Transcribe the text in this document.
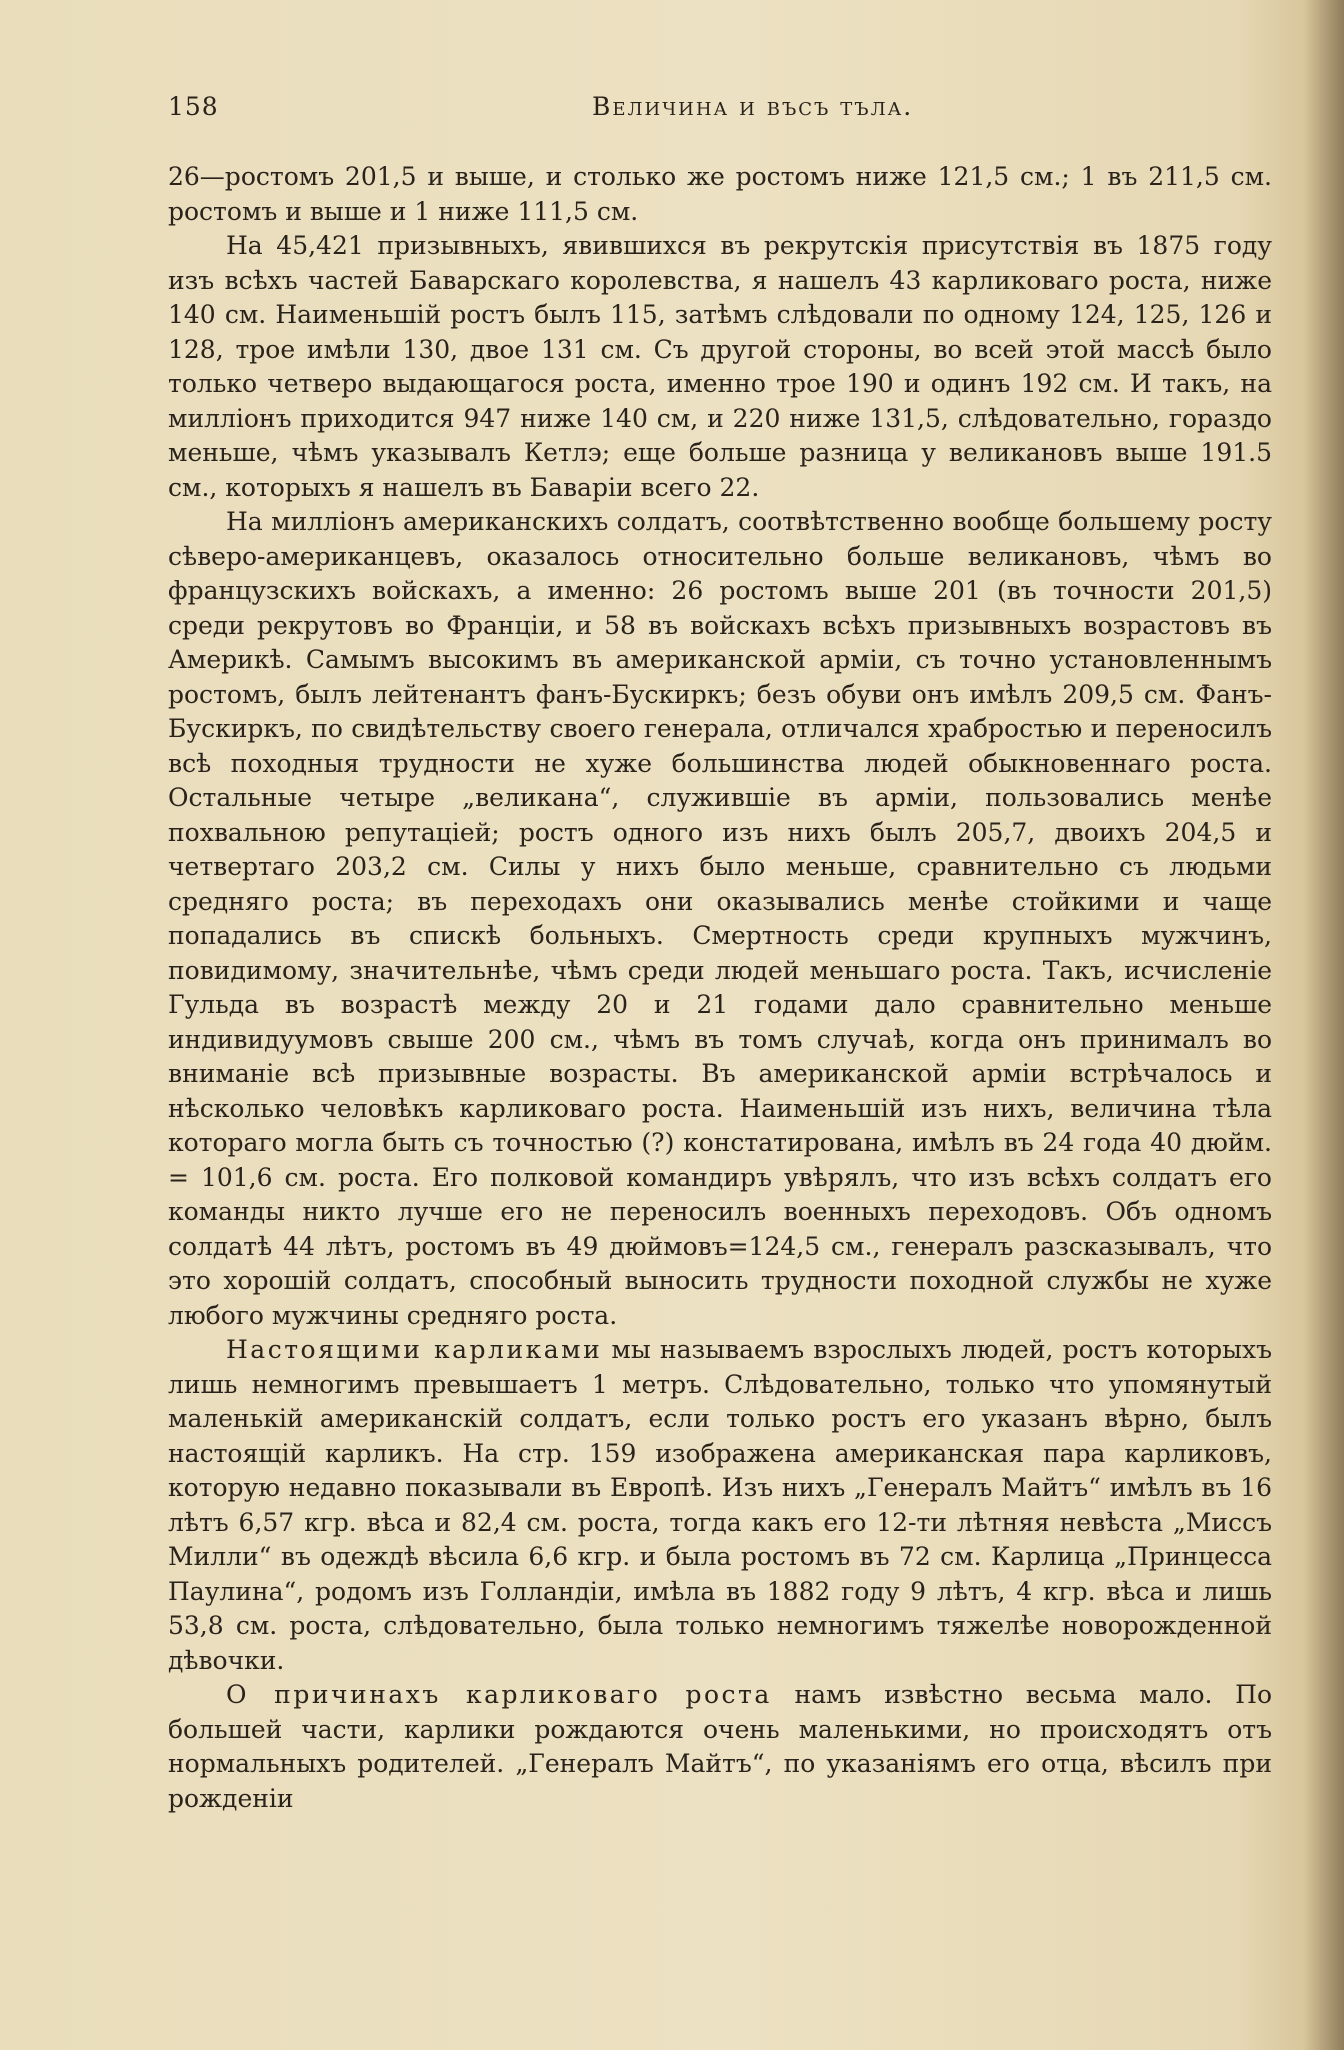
158	Величина и въсъ тъла.

26—ростомъ 201,5 и выше, и столько же ростомъ ниже 121,5 см.; 1 въ 211,5 см. ростомъ и выше и 1 ниже 111,5 см.

На 45,421 призывныхъ, явившихся въ рекрутскія присутствія въ 1875 году изъ всѣхъ частей Баварскаго королевства, я нашелъ 43 карликоваго роста, ниже 140 см. Наименьшій ростъ былъ 115, затѣмъ слѣдовали по одному 124, 125, 126 и 128, трое имѣли 130, двое 131 см. Съ другой стороны, во всей этой массѣ было только четверо выдающагося роста, именно трое 190 и одинъ 192 см. И такъ, на милліонъ приходится 947 ниже 140 см, и 220 ниже 131,5, слѣдовательно, гораздо меньше, чѣмъ указывалъ Кетлэ; еще больше разница у великановъ выше 191.5 см., которыхъ я нашелъ въ Баваріи всего 22.

На милліонъ американскихъ солдатъ, соотвѣтственно вообще большему росту сѣверо-американцевъ, оказалось относительно больше великановъ, чѣмъ во французскихъ войскахъ, а именно: 26 ростомъ выше 201 (въ точности 201,5) среди рекрутовъ во Франціи, и 58 въ войскахъ всѣхъ призывныхъ возрастовъ въ Америкѣ. Самымъ высокимъ въ американской арміи, съ точно установленнымъ ростомъ, былъ лейтенантъ фанъ-Бускиркъ; безъ обуви онъ имѣлъ 209,5 см. Фанъ-Бускиркъ, по свидѣтельству своего генерала, отличался храбростью и переносилъ всѣ походныя трудности не хуже большинства людей обыкновеннаго роста. Остальные четыре „великана“, служившіе въ арміи, пользовались менѣе похвальною репутаціей; ростъ одного изъ нихъ былъ 205,7, двоихъ 204,5 и четвертаго 203,2 см. Силы у нихъ было меньше, сравнительно съ людьми средняго роста; въ переходахъ они оказывались менѣе стойкими и чаще попадались въ спискѣ больныхъ. Смертность среди крупныхъ мужчинъ, повидимому, значительнѣе, чѣмъ среди людей меньшаго роста. Такъ, исчисленіе Гульда въ возрастѣ между 20 и 21 годами дало сравнительно меньше индивидуумовъ свыше 200 см., чѣмъ въ томъ случаѣ, когда онъ принималъ во вниманіе всѣ призывные возрасты. Въ американской арміи встрѣчалось и нѣсколько человѣкъ карликоваго роста. Наименьшій изъ нихъ, величина тѣла котораго могла быть съ точностью (?) констатирована, имѣлъ въ 24 года 40 дюйм. = 101,6 см. роста. Его полковой командиръ увѣрялъ, что изъ всѣхъ солдатъ его команды никто лучше его не переносилъ военныхъ переходовъ. Объ одномъ солдатѣ 44 лѣтъ, ростомъ въ 49 дюймовъ=124,5 см., генералъ разсказывалъ, что это хорошій солдатъ, способный выносить трудности походной службы не хуже любого мужчины средняго роста.

Настоящими карликами мы называемъ взрослыхъ людей, ростъ которыхъ лишь немногимъ превышаетъ 1 метръ. Слѣдовательно, только что упомянутый маленькій американскій солдатъ, если только ростъ его указанъ вѣрно, былъ настоящій карликъ. На стр. 159 изображена американская пара карликовъ, которую недавно показывали въ Европѣ. Изъ нихъ „Генералъ Майтъ“ имѣлъ въ 16 лѣтъ 6,57 кгр. вѣса и 82,4 см. роста, тогда какъ его 12-ти лѣтняя невѣста „Миссъ Милли“ въ одеждѣ вѣсила 6,6 кгр. и была ростомъ въ 72 см. Карлица „Принцесса Паулина“, родомъ изъ Голландіи, имѣла въ 1882 году 9 лѣтъ, 4 кгр. вѣса и лишь 53,8 см. роста, слѣдовательно, была только немногимъ тяжелѣе новорожденной дѣвочки.

О причинахъ карликоваго роста намъ извѣстно весьма мало. По большей части, карлики рождаются очень маленькими, но происходятъ отъ нормальныхъ родителей. „Генералъ Майтъ“, по указаніямъ его отца, вѣсилъ при рожденіи
